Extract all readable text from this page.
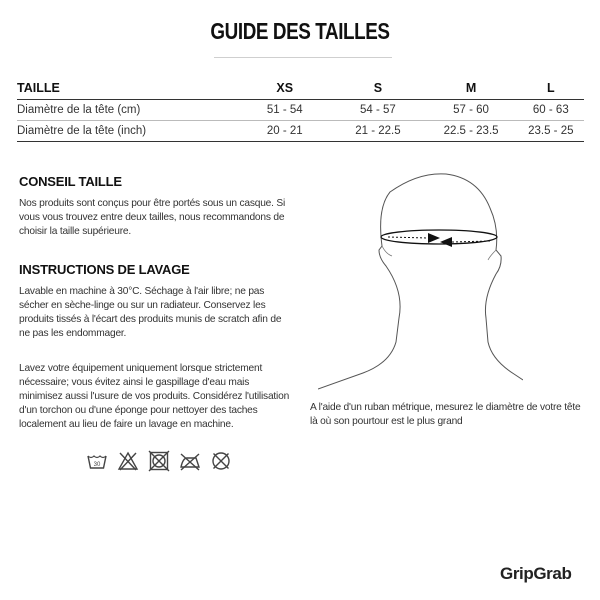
GUIDE DES TAILLES
TAILLE	XS	S	M	L
Diamètre de la tête (cm)	51 - 54	54 - 57	57 - 60	60 - 63
Diamètre de la tête (inch)	20 - 21	21 - 22.5	22.5 - 23.5	23.5 - 25
CONSEIL TAILLE
Nos produits sont conçus pour être portés sous un casque. Si vous vous trouvez entre deux tailles, nous recommandons de choisir la taille supérieure.
INSTRUCTIONS DE LAVAGE
Lavable en machine à 30°C. Séchage à l'air libre; ne pas sécher en sèche-linge ou sur un radiateur. Conservez les produits tissés à l'écart des produits munis de scratch afin de ne pas les endommager.
Lavez votre équipement uniquement lorsque strictement nécessaire; vous évitez ainsi le gaspillage d'eau mais minimisez aussi l'usure de vos produits. Considérez l'utilisation d'un torchon ou d'une éponge pour nettoyer des taches localement au lieu de faire un lavage en machine.
30
A l'aide d'un ruban métrique, mesurez le diamètre de votre tête là où son pourtour est le plus grand
GripGrab
